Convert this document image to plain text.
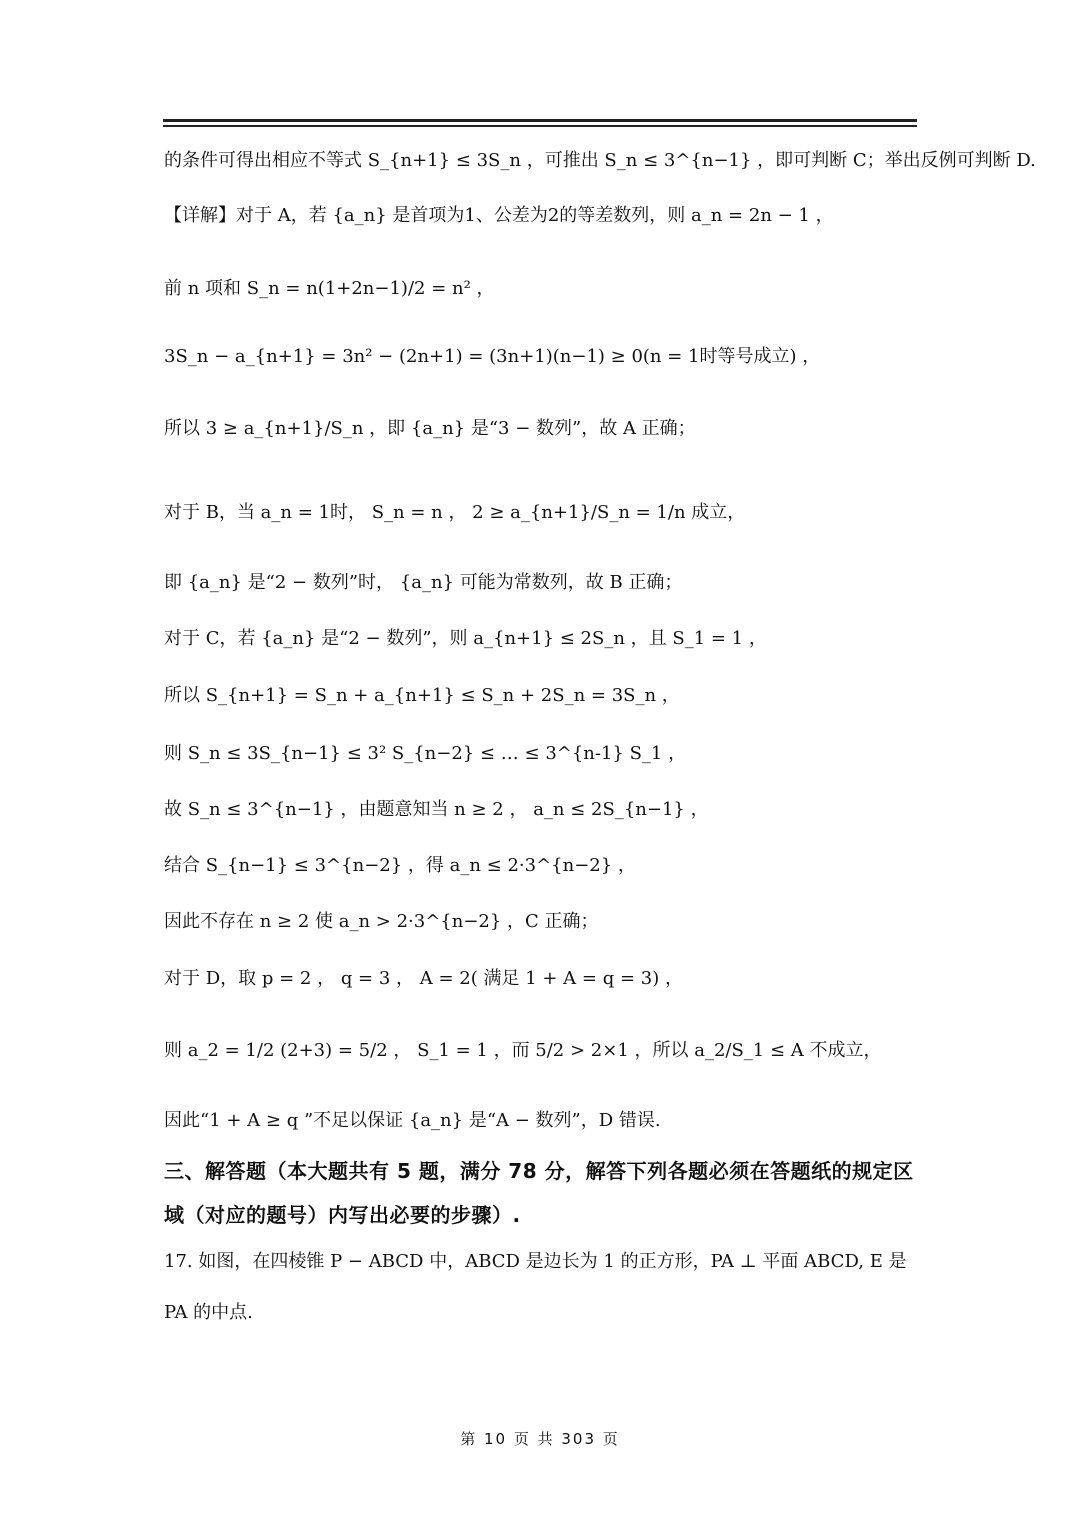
的条件可得出相应不等式 S_{n+1} ≤ 3S_n ，可推出 S_n ≤ 3^{n−1} ，即可判断 C；举出反例可判断 D.
【详解】对于 A，若 {a_n} 是首项为1、公差为2的等差数列，则 a_n = 2n − 1 ，
前 n 项和 S_n = n(1+2n−1)/2 = n² ，
3S_n − a_{n+1} = 3n² − (2n+1) = (3n+1)(n−1) ≥ 0(n = 1时等号成立) ，
所以 3 ≥ a_{n+1}/S_n ，即 {a_n} 是“3 − 数列”，故 A 正确；
对于 B，当 a_n = 1时， S_n = n ， 2 ≥ a_{n+1}/S_n = 1/n 成立，
即 {a_n} 是“2 − 数列”时， {a_n} 可能为常数列，故 B 正确；
对于 C，若 {a_n} 是“2 − 数列”，则 a_{n+1} ≤ 2S_n ，且 S_1 = 1 ，
所以 S_{n+1} = S_n + a_{n+1} ≤ S_n + 2S_n = 3S_n ，
则 S_n ≤ 3S_{n−1} ≤ 3² S_{n−2} ≤ … ≤ 3^{n-1} S_1 ，
故 S_n ≤ 3^{n−1} ，由题意知当 n ≥ 2 ， a_n ≤ 2S_{n−1} ，
结合 S_{n−1} ≤ 3^{n−2} ，得 a_n ≤ 2·3^{n−2} ，
因此不存在 n ≥ 2 使 a_n > 2·3^{n−2} ，C 正确；
对于 D，取 p = 2 ， q = 3 ， A = 2( 满足 1 + A = q = 3) ，
则 a_2 = 1/2 (2+3) = 5/2 ， S_1 = 1 ，而 5/2 > 2×1 ，所以 a_2/S_1 ≤ A 不成立，
因此“1 + A ≥ q ”不足以保证 {a_n} 是“A − 数列”，D 错误.
三、解答题（本大题共有 5 题，满分 78 分，解答下列各题必须在答题纸的规定区
域（对应的题号）内写出必要的步骤）.
17. 如图，在四棱锥 P − ABCD 中，ABCD 是边长为 1 的正方形，PA ⊥ 平面 ABCD, E 是
PA 的中点.
第 10 页 共 303 页
